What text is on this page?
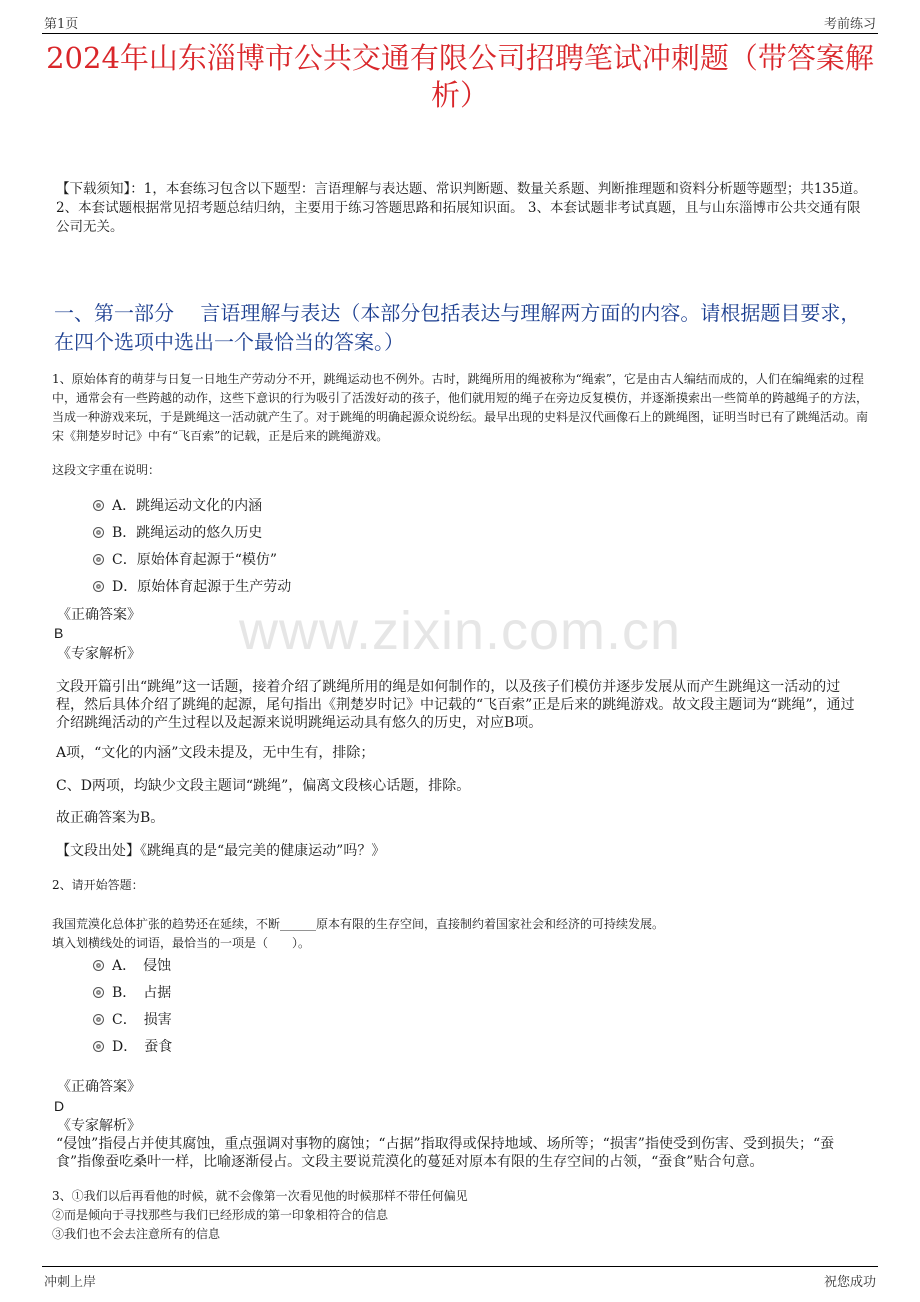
第1页	考前练习
2024年山东淄博市公共交通有限公司招聘笔试冲刺题（带答案解析）
【下载须知】：1，本套练习包含以下题型：言语理解与表达题、常识判断题、数量关系题、判断推理题和资料分析题等题型；共135道。 2、本套试题根据常见招考题总结归纳，主要用于练习答题思路和拓展知识面。 3、本套试题非考试真题，且与山东淄博市公共交通有限公司无关。
一、第一部分　 言语理解与表达（本部分包括表达与理解两方面的内容。请根据题目要求，在四个选项中选出一个最恰当的答案。）
www.zixin.com.cn
1、原始体育的萌芽与日复一日地生产劳动分不开，跳绳运动也不例外。古时，跳绳所用的绳被称为“绳索”，它是由古人编结而成的，人们在编绳索的过程中，通常会有一些跨越的动作，这些下意识的行为吸引了活泼好动的孩子，他们就用短的绳子在旁边反复模仿，并逐渐摸索出一些简单的跨越绳子的方法，当成一种游戏来玩，于是跳绳这一活动就产生了。对于跳绳的明确起源众说纷纭。最早出现的史料是汉代画像石上的跳绳图，证明当时已有了跳绳活动。南宋《荆楚岁时记》中有“飞百索”的记载，正是后来的跳绳游戏。
这段文字重在说明：
A．跳绳运动文化的内涵
B．跳绳运动的悠久历史
C．原始体育起源于“模仿”
D．原始体育起源于生产劳动
《正确答案》
B
《专家解析》
文段开篇引出“跳绳”这一话题，接着介绍了跳绳所用的绳是如何制作的，以及孩子们模仿并逐步发展从而产生跳绳这一活动的过程，然后具体介绍了跳绳的起源，尾句指出《荆楚岁时记》中记载的“飞百索”正是后来的跳绳游戏。故文段主题词为“跳绳”，通过介绍跳绳活动的产生过程以及起源来说明跳绳运动具有悠久的历史，对应B项。
A项，“文化的内涵”文段未提及，无中生有，排除；
C、D两项，均缺少文段主题词“跳绳”，偏离文段核心话题，排除。
故正确答案为B。
【文段出处】《跳绳真的是“最完美的健康运动”吗？》
2、请开始答题：
我国荒漠化总体扩张的趋势还在延续，不断______原本有限的生存空间，直接制约着国家社会和经济的可持续发展。
填入划横线处的词语，最恰当的一项是（　　）。
A．　侵蚀
B．　占据
C．　损害
D．　蚕食
《正确答案》
D
《专家解析》
“侵蚀”指侵占并使其腐蚀，重点强调对事物的腐蚀；“占据”指取得或保持地域、场所等；“损害”指使受到伤害、受到损失；“蚕食”指像蚕吃桑叶一样，比喻逐渐侵占。文段主要说荒漠化的蔓延对原本有限的生存空间的占领，“蚕食”贴合句意。
3、①我们以后再看他的时候，就不会像第一次看见他的时候那样不带任何偏见
②而是倾向于寻找那些与我们已经形成的第一印象相符合的信息
③我们也不会去注意所有的信息
冲刺上岸	祝您成功
